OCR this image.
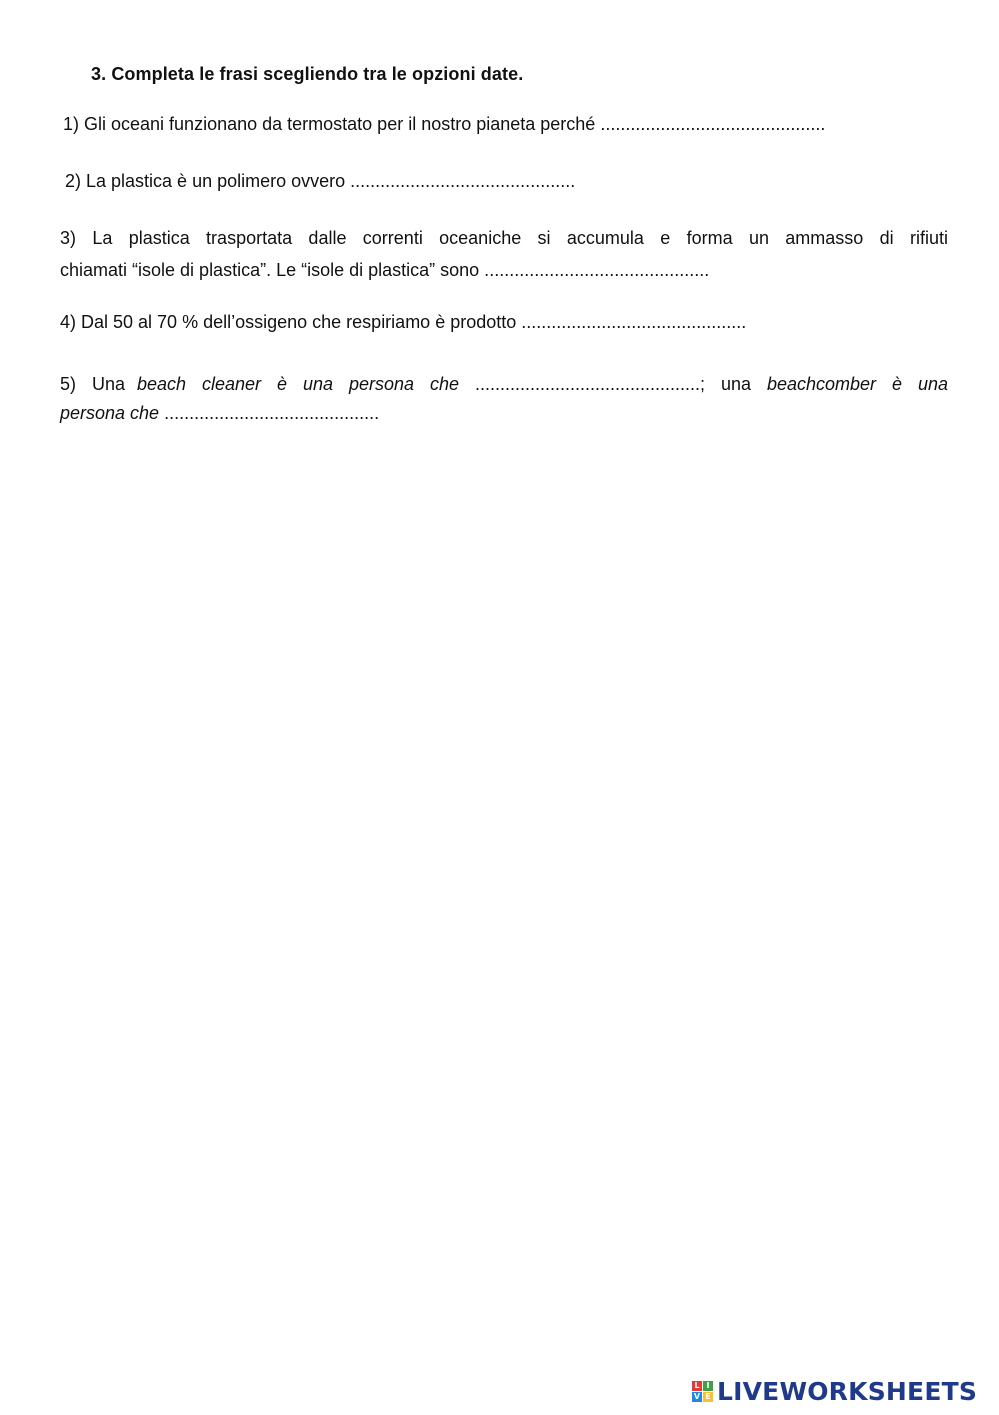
3. Completa le frasi scegliendo tra le opzioni date.
1) Gli oceani funzionano da termostato per il nostro pianeta perché .............................................
2) La plastica è un polimero ovvero .............................................
3) La plastica trasportata dalle correnti oceaniche si accumula e forma un ammasso di rifiuti
chiamati “isole di plastica”. Le “isole di plastica” sono .............................................
4) Dal 50 al 70 % dell’ossigeno che respiriamo è prodotto .............................................
5) Una beach cleaner è una persona che .............................................; una beachcomber è una
persona che ...........................................
L I
V E LIVEWORKSHEETS
